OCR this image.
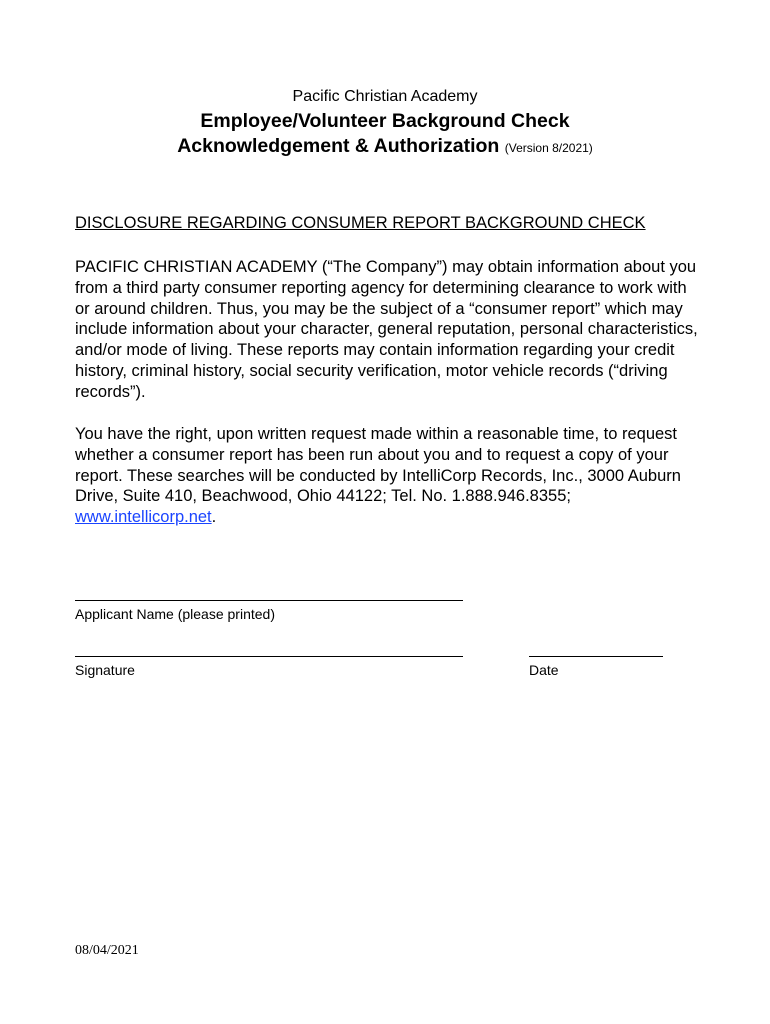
Pacific Christian Academy
Employee/Volunteer Background Check
Acknowledgement & Authorization (Version 8/2021)
DISCLOSURE REGARDING CONSUMER REPORT BACKGROUND CHECK
PACIFIC CHRISTIAN ACADEMY (“The Company”) may obtain information about you from a third party consumer reporting agency for determining clearance to work with or around children. Thus, you may be the subject of a “consumer report” which may include information about your character, general reputation, personal characteristics, and/or mode of living. These reports may contain information regarding your credit history, criminal history, social security verification, motor vehicle records (“driving records”).
You have the right, upon written request made within a reasonable time, to request whether a consumer report has been run about you and to request a copy of your report. These searches will be conducted by IntelliCorp Records, Inc., 3000 Auburn Drive, Suite 410, Beachwood, Ohio 44122; Tel. No. 1.888.946.8355; www.intellicorp.net.
Applicant Name (please printed)
Signature	Date
08/04/2021
